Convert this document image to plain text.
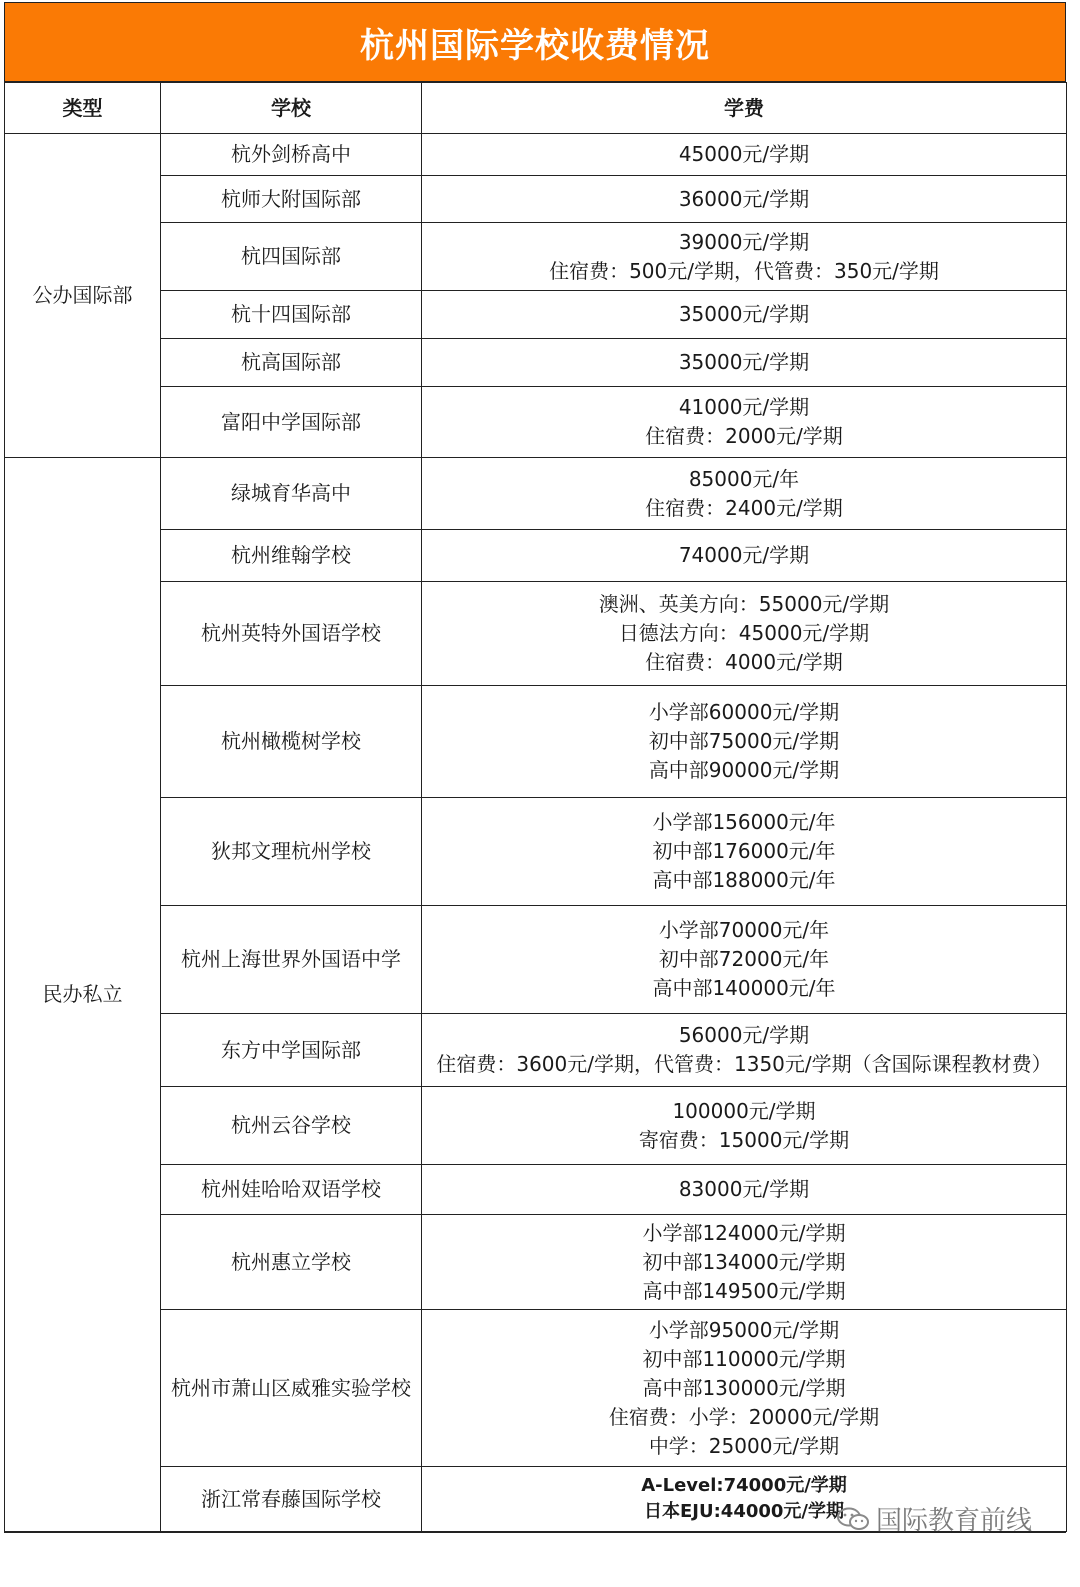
杭州国际学校收费情况
类型	学校	学费
公办国际部	杭外剑桥高中	45000元/学期

	杭师大附国际部	36000元/学期

	杭四国际部	39000元/学期
住宿费：500元/学期，代管费：350元/学期

	杭十四国际部	35000元/学期

	杭高国际部	35000元/学期

	富阳中学国际部	41000元/学期
住宿费：2000元/学期

民办私立	绿城育华高中	85000元/年
住宿费：2400元/学期

	杭州维翰学校	74000元/学期

	杭州英特外国语学校	澳洲、英美方向：55000元/学期
日德法方向：45000元/学期
住宿费：4000元/学期

	杭州橄榄树学校	小学部60000元/学期
初中部75000元/学期
高中部90000元/学期

	狄邦文理杭州学校	小学部156000元/年
初中部176000元/年
高中部188000元/年

	杭州上海世界外国语中学	小学部70000元/年
初中部72000元/年
高中部140000元/年

	东方中学国际部	56000元/学期
住宿费：3600元/学期，代管费：1350元/学期（含国际课程教材费）

	杭州云谷学校	100000元/学期
寄宿费：15000元/学期

	杭州娃哈哈双语学校	83000元/学期

	杭州惠立学校	小学部124000元/学期
初中部134000元/学期
高中部149500元/学期

	杭州市萧山区威雅实验学校	小学部95000元/学期
初中部110000元/学期
高中部130000元/学期
住宿费：小学：20000元/学期
中学：25000元/学期

	浙江常春藤国际学校	A-Level:74000元/学期
日本EJU:44000元/学期	国际教育前线
